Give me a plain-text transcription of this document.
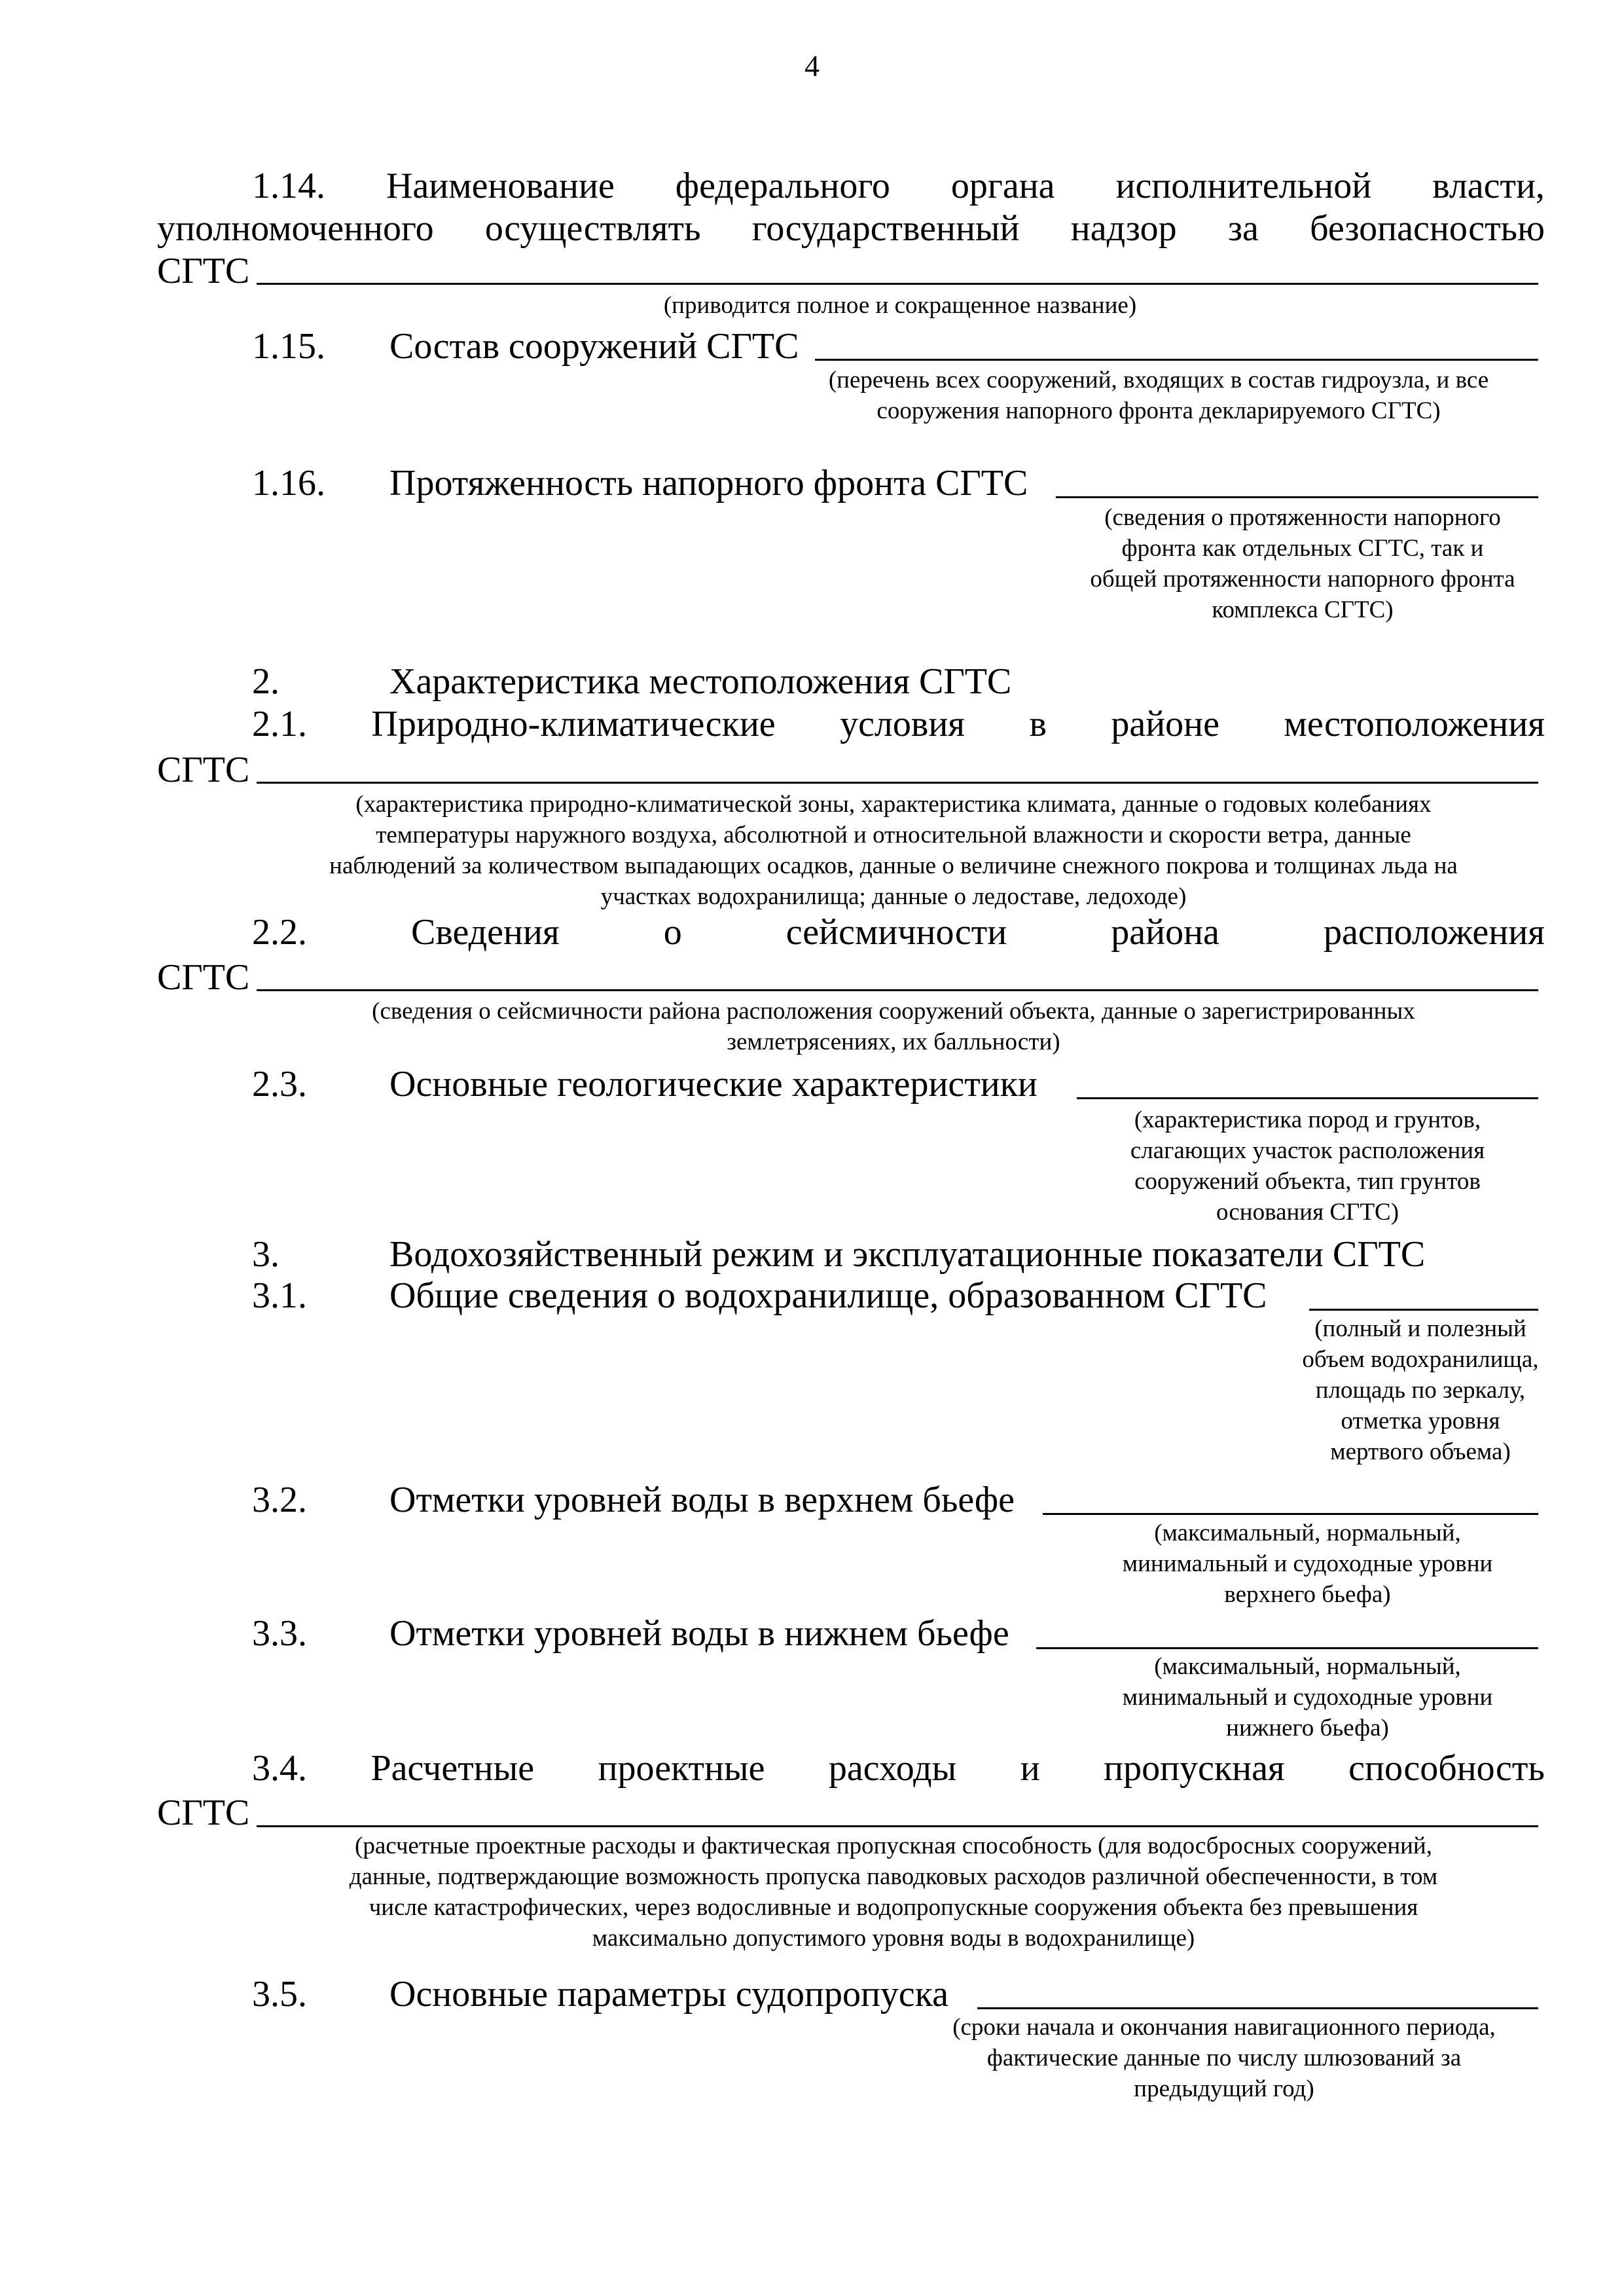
4
1.14. Наименование федерального органа исполнительной власти,
уполномоченного осуществлять государственный надзор за безопасностью
СГТС
(приводится полное и сокращенное название)
1.15. Состав сооружений СГТС
(перечень всех сооружений, входящих в состав гидроузла, и все
сооружения напорного фронта декларируемого СГТС)
1.16. Протяженность напорного фронта СГТС
(сведения о протяженности напорного
фронта как отдельных СГТС, так и
общей протяженности напорного фронта
комплекса СГТС)
2.	Характеристика местоположения СГТС
2.1. Природно-климатические условия в районе местоположения
СГТС
(характеристика природно-климатической зоны, характеристика климата, данные о годовых колебаниях
температуры наружного воздуха, абсолютной и относительной влажности и скорости ветра, данные
наблюдений за количеством выпадающих осадков, данные о величине снежного покрова и толщинах льда на
участках водохранилища; данные о ледоставе, ледоходе)
2.2.	Сведения	о	сейсмичности	района	расположения
СГТС
(сведения о сейсмичности района расположения сооружений объекта, данные о зарегистрированных
землетрясениях, их балльности)
2.3. Основные геологические характеристики
(характеристика пород и грунтов,
слагающих участок расположения
сооружений объекта, тип грунтов
основания СГТС)
3.	Водохозяйственный режим и эксплуатационные показатели СГТС
3.1. Общие сведения о водохранилище, образованном СГТС
(полный и полезный
объем водохранилища,
площадь по зеркалу,
отметка уровня
мертвого объема)
3.2. Отметки уровней воды в верхнем бьефе
(максимальный, нормальный,
минимальный и судоходные уровни
верхнего бьефа)
3.3. Отметки уровней воды в нижнем бьефе
(максимальный, нормальный,
минимальный и судоходные уровни
нижнего бьефа)
3.4. Расчетные проектные расходы и пропускная способность
СГТС
(расчетные проектные расходы и фактическая пропускная способность (для водосбросных сооружений,
данные, подтверждающие возможность пропуска паводковых расходов различной обеспеченности, в том
числе катастрофических, через водосливные и водопропускные сооружения объекта без превышения
максимально допустимого уровня воды в водохранилище)
3.5. Основные параметры судопропуска
(сроки начала и окончания навигационного периода,
фактические данные по числу шлюзований за
предыдущий год)
